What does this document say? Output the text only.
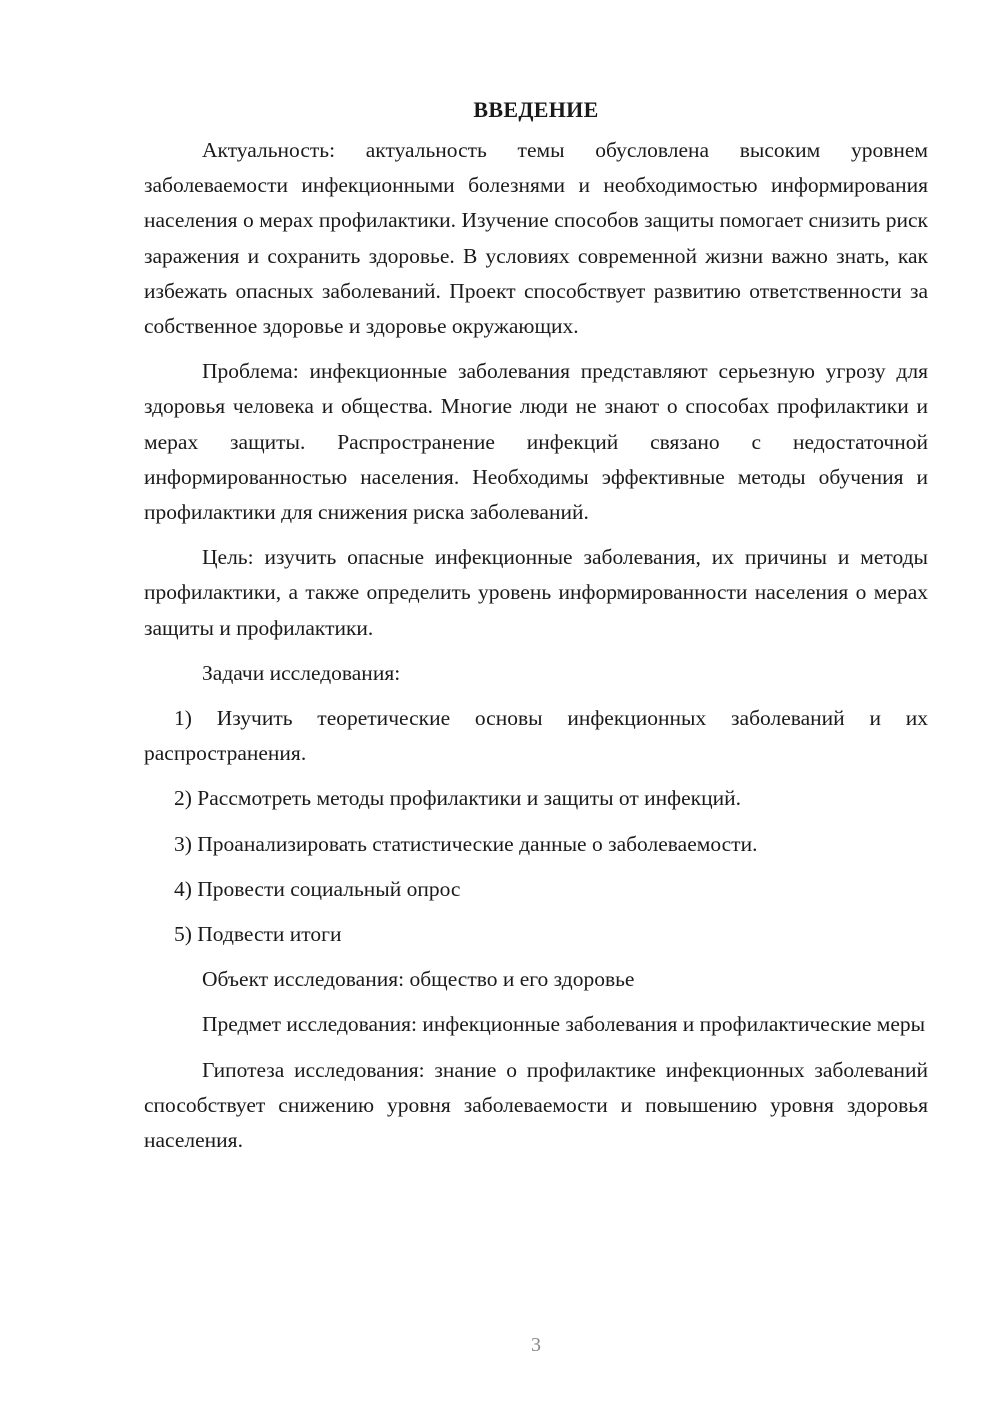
ВВЕДЕНИЕ

Актуальность: актуальность темы обусловлена высоким уровнем заболеваемости инфекционными болезнями и необходимостью информирования населения о мерах профилактики. Изучение способов защиты помогает снизить риск заражения и сохранить здоровье. В условиях современной жизни важно знать, как избежать опасных заболеваний. Проект способствует развитию ответственности за собственное здоровье и здоровье окружающих.

Проблема: инфекционные заболевания представляют серьезную угрозу для здоровья человека и общества. Многие люди не знают о способах профилактики и мерах защиты. Распространение инфекций связано с недостаточной информированностью населения. Необходимы эффективные методы обучения и профилактики для снижения риска заболеваний.

Цель: изучить опасные инфекционные заболевания, их причины и методы профилактики, а также определить уровень информированности населения о мерах защиты и профилактики.

Задачи исследования:

1) Изучить теоретические основы инфекционных заболеваний и их распространения.

2) Рассмотреть методы профилактики и защиты от инфекций.

3) Проанализировать статистические данные о заболеваемости.

4) Провести социальный опрос

5) Подвести итоги

Объект исследования: общество и его здоровье

Предмет исследования: инфекционные заболевания и профилактические меры

Гипотеза исследования: знание о профилактике инфекционных заболеваний способствует снижению уровня заболеваемости и повышению уровня здоровья населения.

3
